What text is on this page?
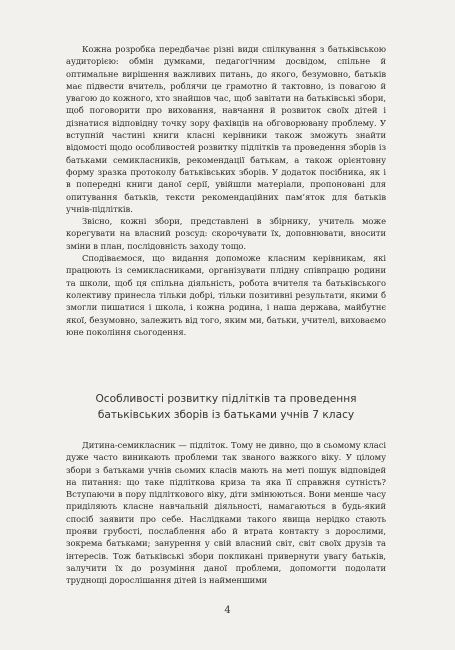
Кожна розробка передбачає різні види спілкування з батьківською аудиторією: обмін думками, педагогічним досвідом, спільне й оптимальне вирішення важливих питань, до якого, безумовно, батьків має підвести вчитель, роблячи це грамотно й тактовно, із повагою й увагою до кожного, хто знайшов час, щоб завітати на батьківські збори, щоб поговорити про виховання, навчання й розвиток своїх дітей і дізнатися відповідну точку зору фахівців на обговорювану проблему. У вступній частині книги класні керівники також зможуть знайти відомості щодо особливостей розвитку підлітків та проведення зборів із батьками семикласників, рекомендації батькам, а також орієнтовну форму зразка протоколу батьківських зборів. У додаток посібника, як і в попередні книги даної серії, увійшли матеріали, пропоновані для опитування батьків, тексти рекомендаційних пам’яток для батьків учнів-підлітків.

Звісно, кожні збори, представлені в збірнику, учитель може корегувати на власний розсуд: скорочувати їх, доповнювати, вносити зміни в план, послідовність заходу тощо.

Сподіваємося, що видання допоможе класним керівникам, які працюють із семикласниками, організувати плідну співпрацю родини та школи, щоб ця спільна діяльність, робота вчителя та батьківського колективу принесла тільки добрі, тільки позитивні результати, якими б змогли пишатися і школа, і кожна родина, і наша держава, майбутнє якої, безумовно, залежить від того, яким ми, батьки, учителі, виховаємо юне покоління сьогодення.

Особливості розвитку підлітків та проведення
батьківських зборів із батьками учнів 7 класу

Дитина-семикласник — підліток. Тому не дивно, що в сьомому класі дуже часто виникають проблеми так званого важкого віку. У цілому збори з батьками учнів сьомих класів мають на меті пошук відповідей на питання: що таке підліткова криза та яка її справжня сутність? Вступаючи в пору підліткового віку, діти змінюються. Вони менше часу приділяють класне навчальній діяльності, намагаються в будь-який спосіб заявити про себе. Наслідками такого явища нерідко стають прояви грубості, послаблення або й втрата контакту з дорослими, зокрема батьками; занурення у свій власний світ, світ своїх друзів та інтересів. Тож батьківські збори покликані привернути увагу батьків, залучити їх до розуміння даної проблеми, допомогти подолати труднощі дорослішання дітей із найменшими

4
